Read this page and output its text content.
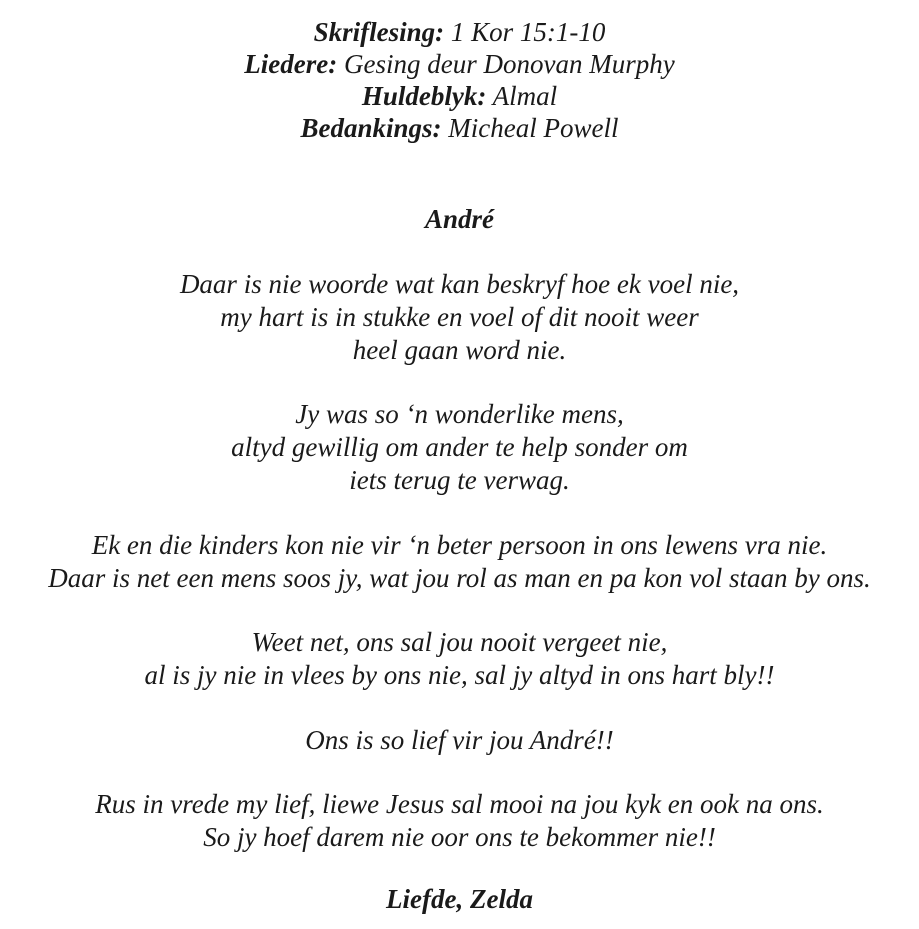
Skriflesing: 1 Kor 15:1-10
Liedere: Gesing deur Donovan Murphy
Huldeblyk: Almal
Bedankings: Micheal Powell
André
Daar is nie woorde wat kan beskryf hoe ek voel nie,
my hart is in stukke en voel of dit nooit weer
heel gaan word nie.
Jy was so ‘n wonderlike mens,
altyd gewillig om ander te help sonder om
iets terug te verwag.
Ek en die kinders kon nie vir ‘n beter persoon in ons lewens vra nie.
Daar is net een mens soos jy, wat jou rol as man en pa kon vol staan by ons.
Weet net, ons sal jou nooit vergeet nie,
al is jy nie in vlees by ons nie, sal jy altyd in ons hart bly!!
Ons is so lief vir jou André!!
Rus in vrede my lief, liewe Jesus sal mooi na jou kyk en ook na ons.
So jy hoef darem nie oor ons te bekommer nie!!
Liefde, Zelda
